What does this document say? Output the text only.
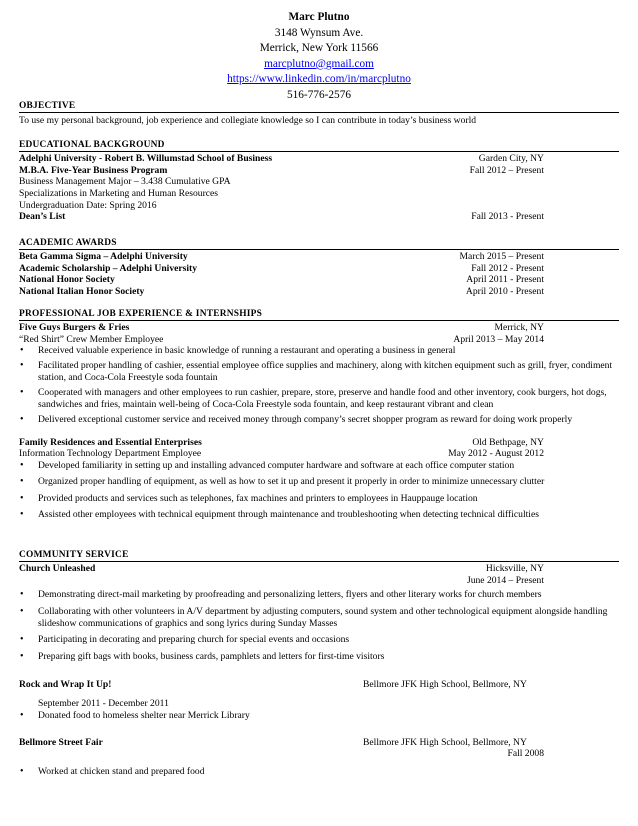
Marc Plutno
3148 Wynsum Ave.
Merrick, New York 11566
marcplutno@gmail.com
https://www.linkedin.com/in/marcplutno
516-776-2576
OBJECTIVE
To use my personal background, job experience and collegiate knowledge so I can contribute in today’s business world
EDUCATIONAL BACKGROUND
Adelphi University - Robert B. Willumstad School of Business	Garden City, NY
M.B.A. Five-Year Business Program	Fall 2012 – Present
Business Management Major – 3.438 Cumulative GPA
Specializations in Marketing and Human Resources
Undergraduation Date: Spring 2016
Dean’s List	Fall 2013 - Present
ACADEMIC AWARDS
Beta Gamma Sigma – Adelphi University	March 2015 – Present
Academic Scholarship – Adelphi University	Fall 2012 - Present
National Honor Society	April 2011 - Present
National Italian Honor Society	April 2010 - Present
PROFESSIONAL JOB EXPERIENCE & INTERNSHIPS
Five Guys Burgers & Fries	Merrick, NY
“Red Shirt” Crew Member Employee	April 2013 – May 2014
• Received valuable experience in basic knowledge of running a restaurant and operating a business in general
• Facilitated proper handling of cashier, essential employee office supplies and machinery, along with kitchen equipment such as grill, fryer, condiment station, and Coca-Cola Freestyle soda fountain
• Cooperated with managers and other employees to run cashier, prepare, store, preserve and handle food and other inventory, cook burgers, hot dogs, sandwiches and fries, maintain well-being of Coca-Cola Freestyle soda fountain, and keep restaurant vibrant and clean
• Delivered exceptional customer service and received money through company’s secret shopper program as reward for doing work properly
Family Residences and Essential Enterprises	Old Bethpage, NY
Information Technology Department Employee	May 2012 - August 2012
• Developed familiarity in setting up and installing advanced computer hardware and software at each office computer station
• Organized proper handling of equipment, as well as how to set it up and present it properly in order to minimize unnecessary clutter
• Provided products and services such as telephones, fax machines and printers to employees in Hauppauge location
• Assisted other employees with technical equipment through maintenance and troubleshooting when detecting technical difficulties
COMMUNITY SERVICE
Church Unleashed	Hicksville, NY
June 2014 – Present
• Demonstrating direct-mail marketing by proofreading and personalizing letters, flyers and other literary works for church members
• Collaborating with other volunteers in A/V department by adjusting computers, sound system and other technological equipment alongside handling slideshow communications of graphics and song lyrics during Sunday Masses
• Participating in decorating and preparing church for special events and occasions
• Preparing gift bags with books, business cards, pamphlets and letters for first-time visitors
Rock and Wrap It Up!	Bellmore JFK High School, Bellmore, NY
September 2011 - December 2011
• Donated food to homeless shelter near Merrick Library
Bellmore Street Fair	Bellmore JFK High School, Bellmore, NY
Fall 2008
• Worked at chicken stand and prepared food
